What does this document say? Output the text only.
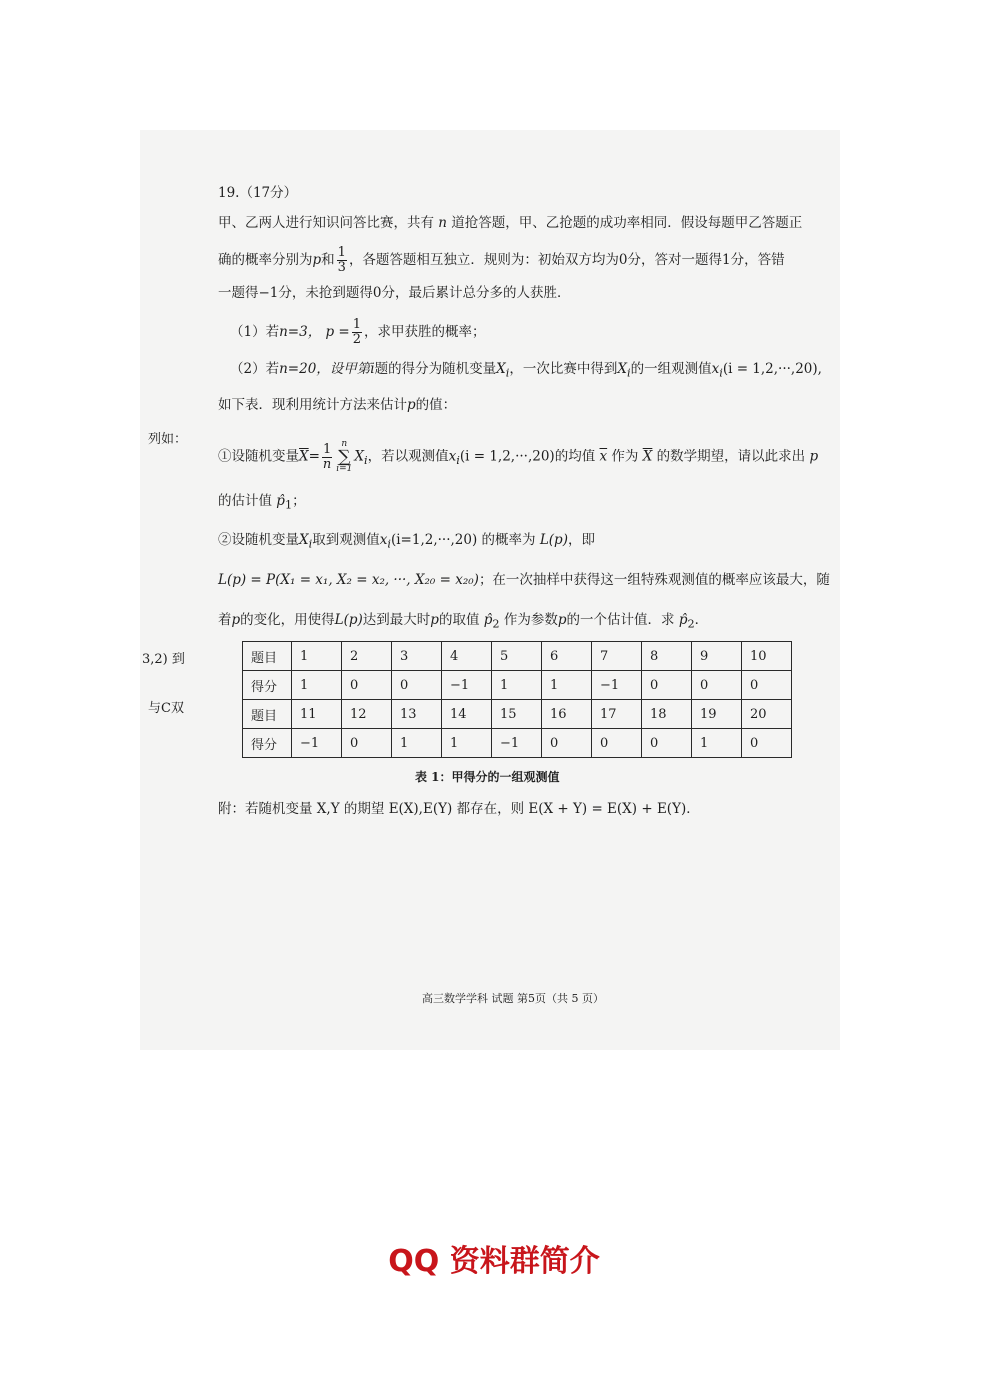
19.（17分）
甲、乙两人进行知识问答比赛，共有 n 道抢答题，甲、乙抢题的成功率相同．假设每题甲乙答题正
确的概率分别为p和 $\frac{1}{3}$ ，各题答题相互独立．规则为：初始双方均为0分，答对一题得1分，答错
一题得−1分，未抢到题得0分，最后累计总分多的人获胜．
（1）若n=3， $p = \frac{1}{2}$ ，求甲获胜的概率；
（2）若n=20，设甲第i题的得分为随机变量$X_i$，一次比赛中得到$X_i$的一组观测值$x_i(i = 1,2,\cdot\cdot\cdot,20)$,
如下表．现利用统计方法来估计p的值：
列如：
①设随机变量$\overline{X}= \frac{1}{n}$	n
∑
i=1
$X_i$，若以观测值$x_i(i = 1,2,\cdot\cdot\cdot,20)$的均值 $\overline{x}$ 作为 $\overline{X}$ 的数学期望，请以此求出 p
的估计值 $p̂_1$；
②设随机变量$X_i$取到观测值$x_i(i=1,2,\cdot\cdot\cdot,20)$ 的概率为 L(p)，即
L(p) = P(X₁ = x₁, X₂ = x₂, ···, X₂₀ = x₂₀)；在一次抽样中获得这一组特殊观测值的概率应该最大，随
着p的变化，用使得L(p)达到最大时p的取值 $p̂_2$ 作为参数p的一个估计值．求 $p̂_2$．
3,2) 到
与C双
题目	1	2	3	4	5	6	7	8	9	10
得分	1	0	0	−1	1	1	−1	0	0	0
题目	11	12	13	14	15	16	17	18	19	20
得分	−1	0	1	1	−1	0	0	0	1	0
表 1：甲得分的一组观测值
附：若随机变量 X,Y 的期望 E(X),E(Y) 都存在，则 E(X + Y) = E(X) + E(Y)．
高三数学学科 试题 第5页（共 5 页）
QQ 资料群简介
